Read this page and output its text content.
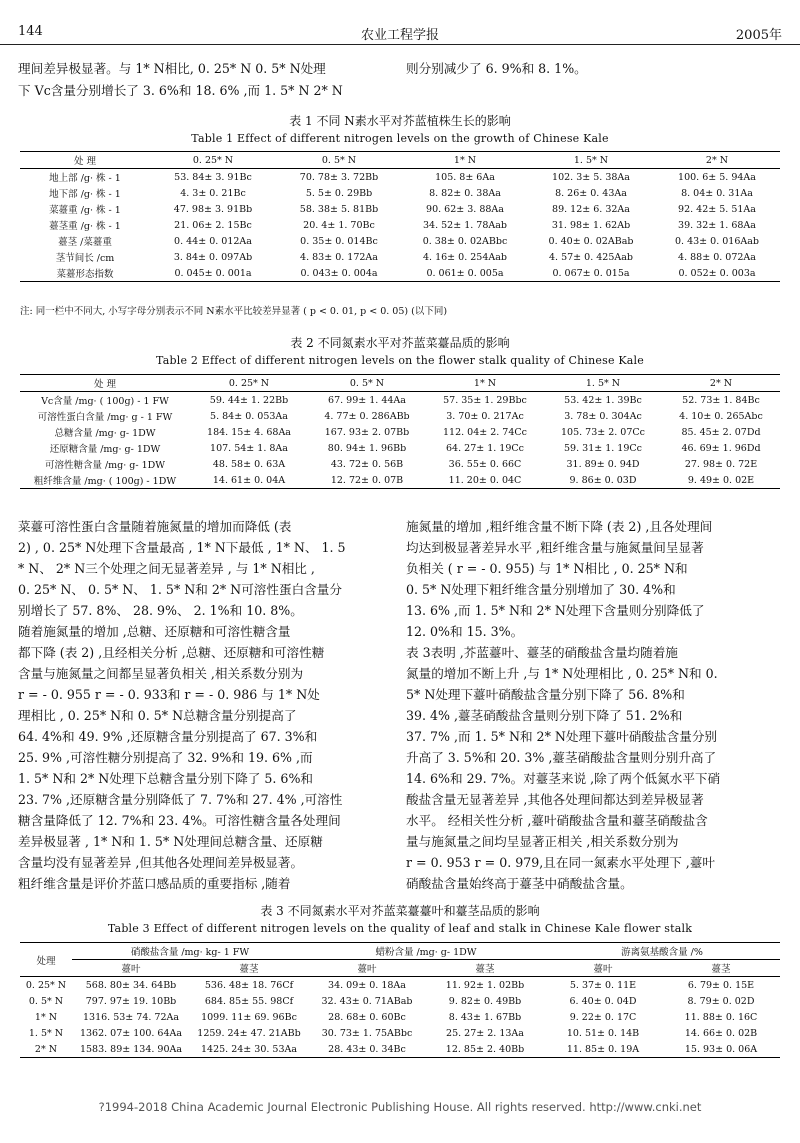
144	农业工程学报	2005年
理间差异极显著。与 1* N相比, 0. 25* N 0. 5* N处理
下 Vc含量分别增长了 3. 6%和 18. 6% ,而 1. 5* N 2* N
则分别减少了 6. 9%和 8. 1%。
表 1 不同 N素水平对芥蓝植株生长的影响
Table 1 Effect of different nitrogen levels on the growth of Chinese Kale
处 理	0. 25* N	0. 5* N	1* N	1. 5* N	2* N
地上部 /g· 株 - 1	53. 84± 3. 91Bc	70. 78± 3. 72Bb	105. 8± 6Aa	102. 3± 5. 38Aa	100. 6± 5. 94Aa
地下部 /g· 株 - 1	4. 3± 0. 21Bc	5. 5± 0. 29Bb	8. 82± 0. 38Aa	8. 26± 0. 43Aa	8. 04± 0. 31Aa
菜薹重 /g· 株 - 1	47. 98± 3. 91Bb	58. 38± 5. 81Bb	90. 62± 3. 88Aa	89. 12± 6. 32Aa	92. 42± 5. 51Aa
薹茎重 /g· 株 - 1	21. 06± 2. 15Bc	20. 4± 1. 70Bc	34. 52± 1. 78Aab	31. 98± 1. 62Ab	39. 32± 1. 68Aa
薹茎 /菜薹重	0. 44± 0. 012Aa	0. 35± 0. 014Bc	0. 38± 0. 02ABbc	0. 40± 0. 02ABab	0. 43± 0. 016Aab
茎节间长 /cm	3. 84± 0. 097Ab	4. 83± 0. 172Aa	4. 16± 0. 254Aab	4. 57± 0. 425Aab	4. 88± 0. 072Aa
菜薹形态指数	0. 045± 0. 001a	0. 043± 0. 004a	0. 061± 0. 005a	0. 067± 0. 015a	0. 052± 0. 003a
注: 同一栏中不同大, 小写字母分别表示不同 N素水平比较差异显著 ( p < 0. 01, p < 0. 05) (以下同)
表 2 不同氮素水平对芥蓝菜薹品质的影响
Table 2 Effect of different nitrogen levels on the flower stalk quality of Chinese Kale
处 理	0. 25* N	0. 5* N	1* N	1. 5* N	2* N
Vc含量 /mg· ( 100g) - 1 FW	59. 44± 1. 22Bb	67. 99± 1. 44Aa	57. 35± 1. 29Bbc	53. 42± 1. 39Bc	52. 73± 1. 84Bc
可溶性蛋白含量 /mg· g - 1 FW	5. 84± 0. 053Aa	4. 77± 0. 286ABb	3. 70± 0. 217Ac	3. 78± 0. 304Ac	4. 10± 0. 265Abc
总糖含量 /mg· g- 1DW	184. 15± 4. 68Aa	167. 93± 2. 07Bb	112. 04± 2. 74Cc	105. 73± 2. 07Cc	85. 45± 2. 07Dd
还原糖含量 /mg· g- 1DW	107. 54± 1. 8Aa	80. 94± 1. 96Bb	64. 27± 1. 19Cc	59. 31± 1. 19Cc	46. 69± 1. 96Dd
可溶性糖含量 /mg· g- 1DW	48. 58± 0. 63A	43. 72± 0. 56B	36. 55± 0. 66C	31. 89± 0. 94D	27. 98± 0. 72E
粗纤维含量 /mg· ( 100g) - 1DW	14. 61± 0. 04A	12. 72± 0. 07B	11. 20± 0. 04C	9. 86± 0. 03D	9. 49± 0. 02E
菜薹可溶性蛋白含量随着施氮量的增加而降低 (表
2) , 0. 25* N处理下含量最高 , 1* N下最低 , 1* N、 1. 5
* N、 2* N三个处理之间无显著差异 , 与 1* N相比 ,
0. 25* N、 0. 5* N、 1. 5* N和 2* N可溶性蛋白含量分
别增长了 57. 8%、 28. 9%、 2. 1%和 10. 8%。
随着施氮量的增加 ,总糖、还原糖和可溶性糖含量
都下降 (表 2) ,且经相关分析 ,总糖、还原糖和可溶性糖
含量与施氮量之间都呈显著负相关 ,相关系数分别为
r = - 0. 955 r = - 0. 933和 r = - 0. 986 与 1* N处
理相比 , 0. 25* N和 0. 5* N总糖含量分别提高了
64. 4%和 49. 9% ,还原糖含量分别提高了 67. 3%和
25. 9% ,可溶性糖分别提高了 32. 9%和 19. 6% ,而
1. 5* N和 2* N处理下总糖含量分别下降了 5. 6%和
23. 7% ,还原糖含量分别降低了 7. 7%和 27. 4% ,可溶性
糖含量降低了 12. 7%和 23. 4%。可溶性糖含量各处理间
差异极显著 , 1* N和 1. 5* N处理间总糖含量、还原糖
含量均没有显著差异 ,但其他各处理间差异极显著。
粗纤维含量是评价芥蓝口感品质的重要指标 ,随着
施氮量的增加 ,粗纤维含量不断下降 (表 2) ,且各处理间
均达到极显著差异水平 ,粗纤维含量与施氮量间呈显著
负相关 ( r = - 0. 955) 与 1* N相比 , 0. 25* N和
0. 5* N处理下粗纤维含量分别增加了 30. 4%和
13. 6% ,而 1. 5* N和 2* N处理下含量则分别降低了
12. 0%和 15. 3%。
表 3表明 ,芥蓝薹叶、薹茎的硝酸盐含量均随着施
氮量的增加不断上升 ,与 1* N处理相比 , 0. 25* N和 0.
5* N处理下薹叶硝酸盐含量分别下降了 56. 8%和
39. 4% ,薹茎硝酸盐含量则分别下降了 51. 2%和
37. 7% ,而 1. 5* N和 2* N处理下薹叶硝酸盐含量分别
升高了 3. 5%和 20. 3% ,薹茎硝酸盐含量则分别升高了
14. 6%和 29. 7%。对薹茎来说 ,除了两个低氮水平下硝
酸盐含量无显著差异 ,其他各处理间都达到差异极显著
水平。 经相关性分析 ,薹叶硝酸盐含量和薹茎硝酸盐含
量与施氮量之间均呈显著正相关 ,相关系数分别为
r = 0. 953 r = 0. 979,且在同一氮素水平处理下 ,薹叶
硝酸盐含量始终高于薹茎中硝酸盐含量。
表 3 不同氮素水平对芥蓝菜薹薹叶和薹茎品质的影响
Table 3 Effect of different nitrogen levels on the quality of leaf and stalk in Chinese Kale flower stalk
处理	硝酸盐含量 /mg· kg- 1 FW		蜡粉含量 /mg· g- 1DW		游离氨基酸含量 /%	
	薹叶	薹茎	薹叶	薹茎	薹叶	薹茎
0. 25* N	568. 80± 34. 64Bb	536. 48± 18. 76Cf	34. 09± 0. 18Aa	11. 92± 1. 02Bb	5. 37± 0. 11E	6. 79± 0. 15E
0. 5* N	797. 97± 19. 10Bb	684. 85± 55. 98Cf	32. 43± 0. 71ABab	9. 82± 0. 49Bb	6. 40± 0. 04D	8. 79± 0. 02D
1* N	1316. 53± 74. 72Aa	1099. 11± 69. 96Bc	28. 68± 0. 60Bc	8. 43± 1. 67Bb	9. 22± 0. 17C	11. 88± 0. 16C
1. 5* N	1362. 07± 100. 64Aa	1259. 24± 47. 21ABb	30. 73± 1. 75ABbc	25. 27± 2. 13Aa	10. 51± 0. 14B	14. 66± 0. 02B
2* N	1583. 89± 134. 90Aa	1425. 24± 30. 53Aa	28. 43± 0. 34Bc	12. 85± 2. 40Bb	11. 85± 0. 19A	15. 93± 0. 06A
?1994-2018 China Academic Journal Electronic Publishing House. All rights reserved. http://www.cnki.net
